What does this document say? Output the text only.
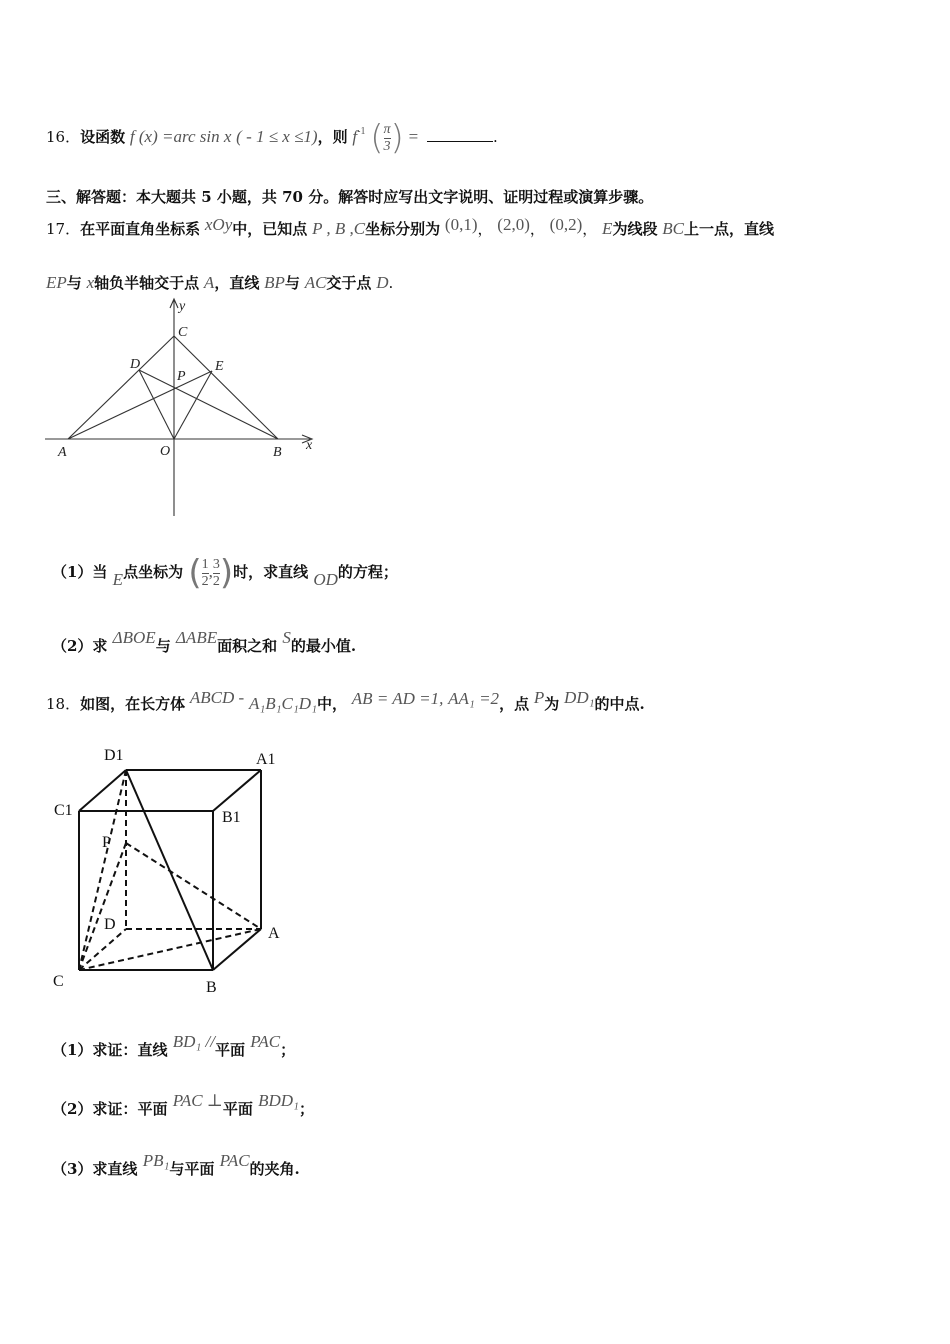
16．设函数 f (x) =arc sin x ( - 1 ≤ x ≤1)，则 $f^{-1}$ ( $\frac{\pi}{3}$ ) =	.
三、解答题：本大题共 5 小题，共 70 分。解答时应写出文字说明、证明过程或演算步骤。
17．在平面直角坐标系 xOy中，已知点 P , B ,C坐标分别为 (0,1)， (2,0)， (0,2)， E为线段 BC上一点，直线
EP与 x轴负半轴交于点 A，直线 BP与 AC交于点 D.
y
x
C
D	E
P
A	O	B
（1）当 E点坐标为 ( $\frac{1}{2}$ , $\frac{3}{2}$ )时，求直线 OD的方程；
（2）求 ΔBOE与 ΔABE面积之和 S的最小值.
18．如图，在长方体 ABCD - A₁B₁C₁D₁中， AB = AD =1, AA₁ =2，点 P为 DD₁的中点.
D1	A1
C1	B1
P
D
A
C	B
（1）求证：直线 BD₁ //平面 PAC；
（2）求证：平面 PAC ⊥平面 BDD₁；
（3）求直线 PB₁与平面 PAC的夹角.
